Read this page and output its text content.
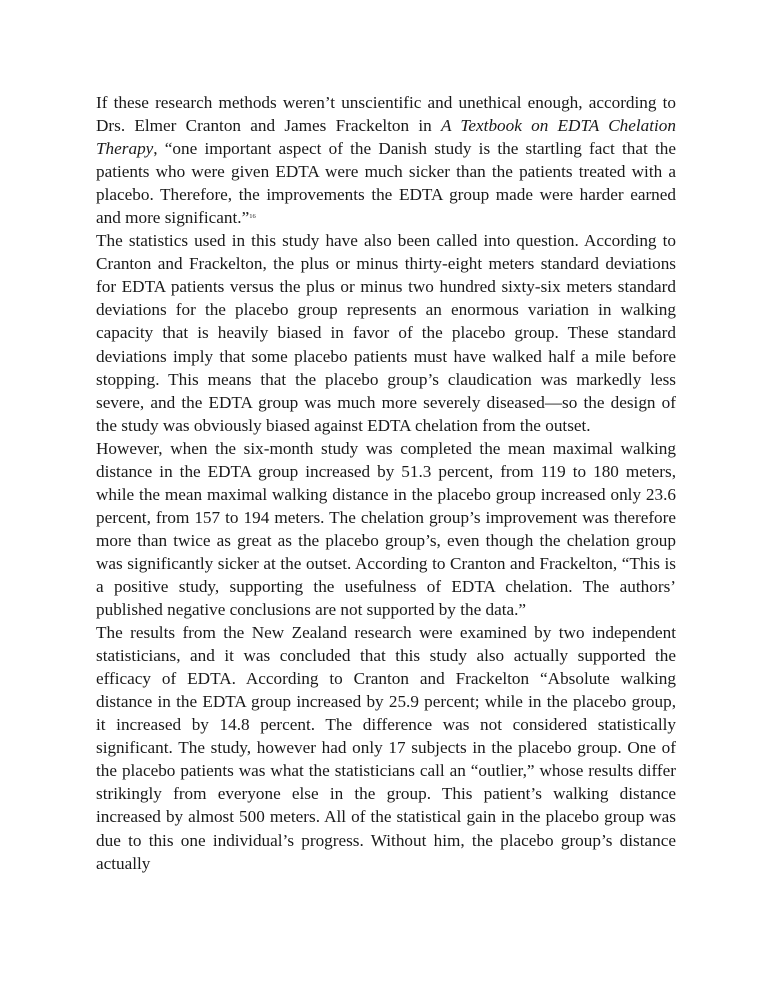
If these research methods weren’t unscientific and unethical enough, according to Drs. Elmer Cranton and James Frackelton in A Textbook on EDTA Chelation Therapy, “one important aspect of the Danish study is the startling fact that the patients who were given EDTA were much sicker than the patients treated with a placebo. Therefore, the improvements the EDTA group made were harder earned and more significant.”$^{16}$

The statistics used in this study have also been called into question. According to Cranton and Frackelton, the plus or minus thirty-eight meters standard deviations for EDTA patients versus the plus or minus two hundred sixty-six meters standard deviations for the placebo group represents an enormous variation in walking capacity that is heavily biased in favor of the placebo group. These standard deviations imply that some placebo patients must have walked half a mile before stopping. This means that the placebo group’s claudication was markedly less severe, and the EDTA group was much more severely diseased—so the design of the study was obviously biased against EDTA chelation from the outset.

However, when the six-month study was completed the mean maximal walking distance in the EDTA group increased by 51.3 percent, from 119 to 180 meters, while the mean maximal walking distance in the placebo group increased only 23.6 percent, from 157 to 194 meters. The chelation group’s improvement was therefore more than twice as great as the placebo group’s, even though the chelation group was significantly sicker at the outset. According to Cranton and Frackelton, “This is a positive study, supporting the usefulness of EDTA chelation. The authors’ published negative conclusions are not supported by the data.”

The results from the New Zealand research were examined by two independent statisticians, and it was concluded that this study also actually supported the efficacy of EDTA. According to Cranton and Frackelton “Absolute walking distance in the EDTA group increased by 25.9 percent; while in the placebo group, it increased by 14.8 percent. The difference was not considered statistically significant. The study, however had only 17 subjects in the placebo group. One of the placebo patients was what the statisticians call an “outlier,” whose results differ strikingly from everyone else in the group. This patient’s walking distance increased by almost 500 meters. All of the statistical gain in the placebo group was due to this one individual’s progress. Without him, the placebo group’s distance actually
